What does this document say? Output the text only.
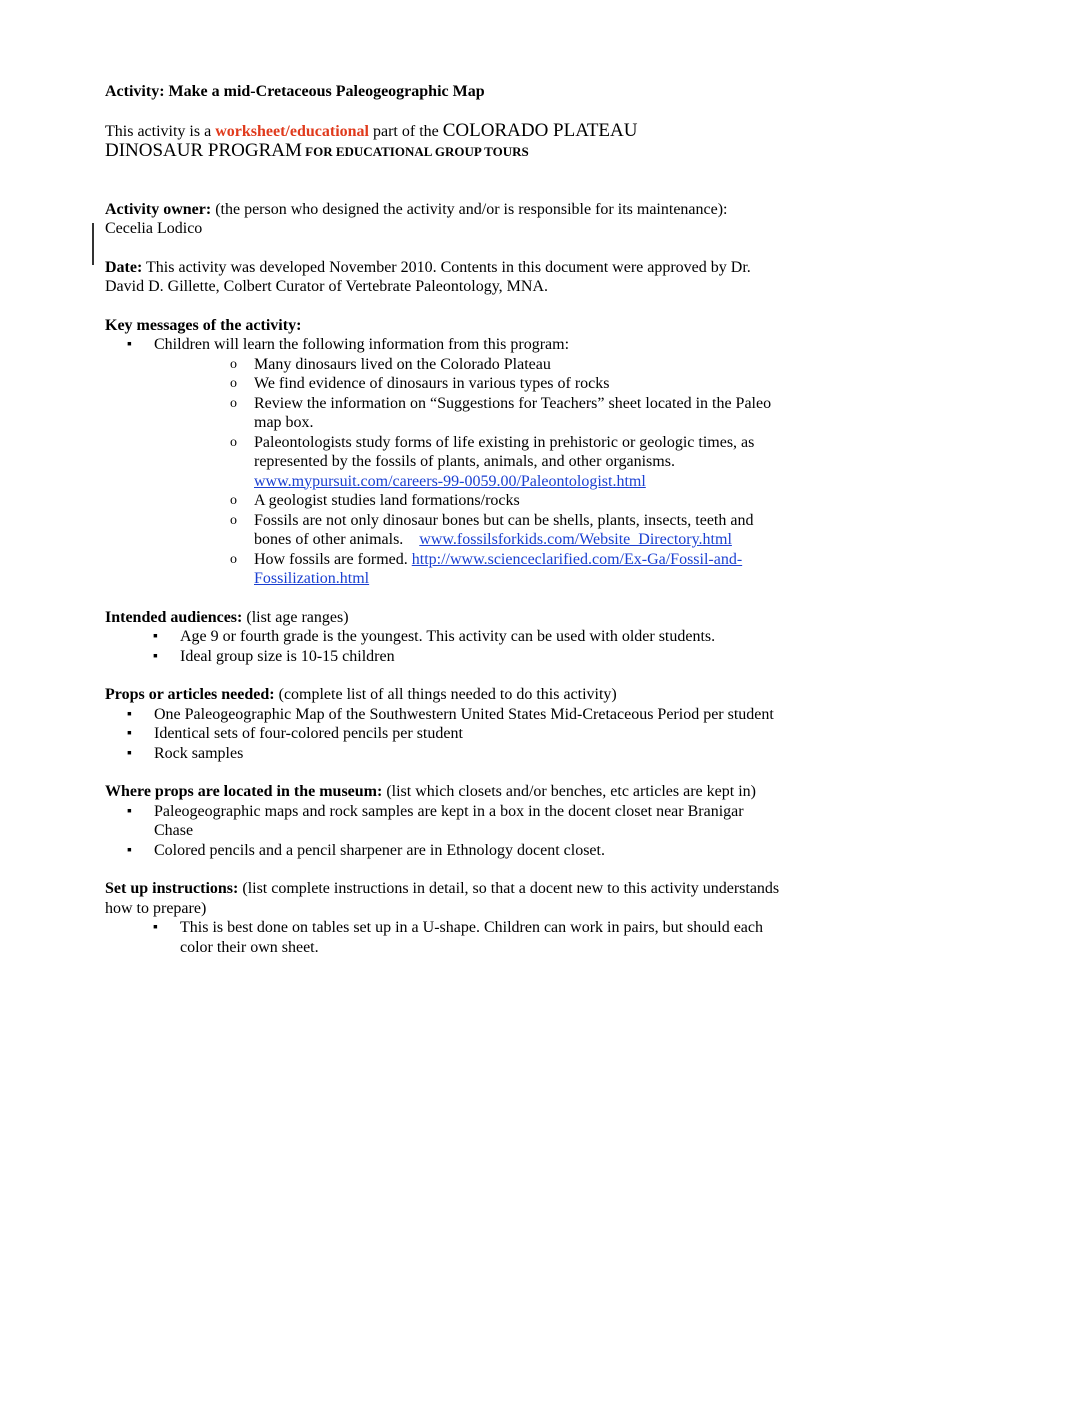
Activity: Make a mid-Cretaceous Paleogeographic Map

This activity is a worksheet/educational part of the COLORADO PLATEAU
DINOSAUR PROGRAM FOR EDUCATIONAL GROUP TOURS

Activity owner: (the person who designed the activity and/or is responsible for its maintenance):
Cecelia Lodico

Date: This activity was developed November 2010. Contents in this document were approved by Dr. David D. Gillette, Colbert Curator of Vertebrate Paleontology, MNA.

Key messages of the activity:

▪ Children will learn the following information from this program:
o Many dinosaurs lived on the Colorado Plateau
o We find evidence of dinosaurs in various types of rocks
o Review the information on “Suggestions for Teachers” sheet located in the Paleo map box.
o Paleontologists study forms of life existing in prehistoric or geologic times, as represented by the fossils of plants, animals, and other organisms.
www.mypursuit.com/careers-99-0059.00/Paleontologist.html
o A geologist studies land formations/rocks
o Fossils are not only dinosaur bones but can be shells, plants, insects, teeth and bones of other animals. www.fossilsforkids.com/Website_Directory.html
o How fossils are formed. http://www.scienceclarified.com/Ex-Ga/Fossil-and-Fossilization.html

Intended audiences: (list age ranges)

▪ Age 9 or fourth grade is the youngest. This activity can be used with older students.
▪ Ideal group size is 10-15 children

Props or articles needed: (complete list of all things needed to do this activity)

▪ One Paleogeographic Map of the Southwestern United States Mid-Cretaceous Period per student
▪ Identical sets of four-colored pencils per student
▪ Rock samples

Where props are located in the museum: (list which closets and/or benches, etc articles are kept in)

▪ Paleogeographic maps and rock samples are kept in a box in the docent closet near Branigar Chase
▪ Colored pencils and a pencil sharpener are in Ethnology docent closet.

Set up instructions: (list complete instructions in detail, so that a docent new to this activity understands how to prepare)

▪ This is best done on tables set up in a U-shape. Children can work in pairs, but should each color their own sheet.
